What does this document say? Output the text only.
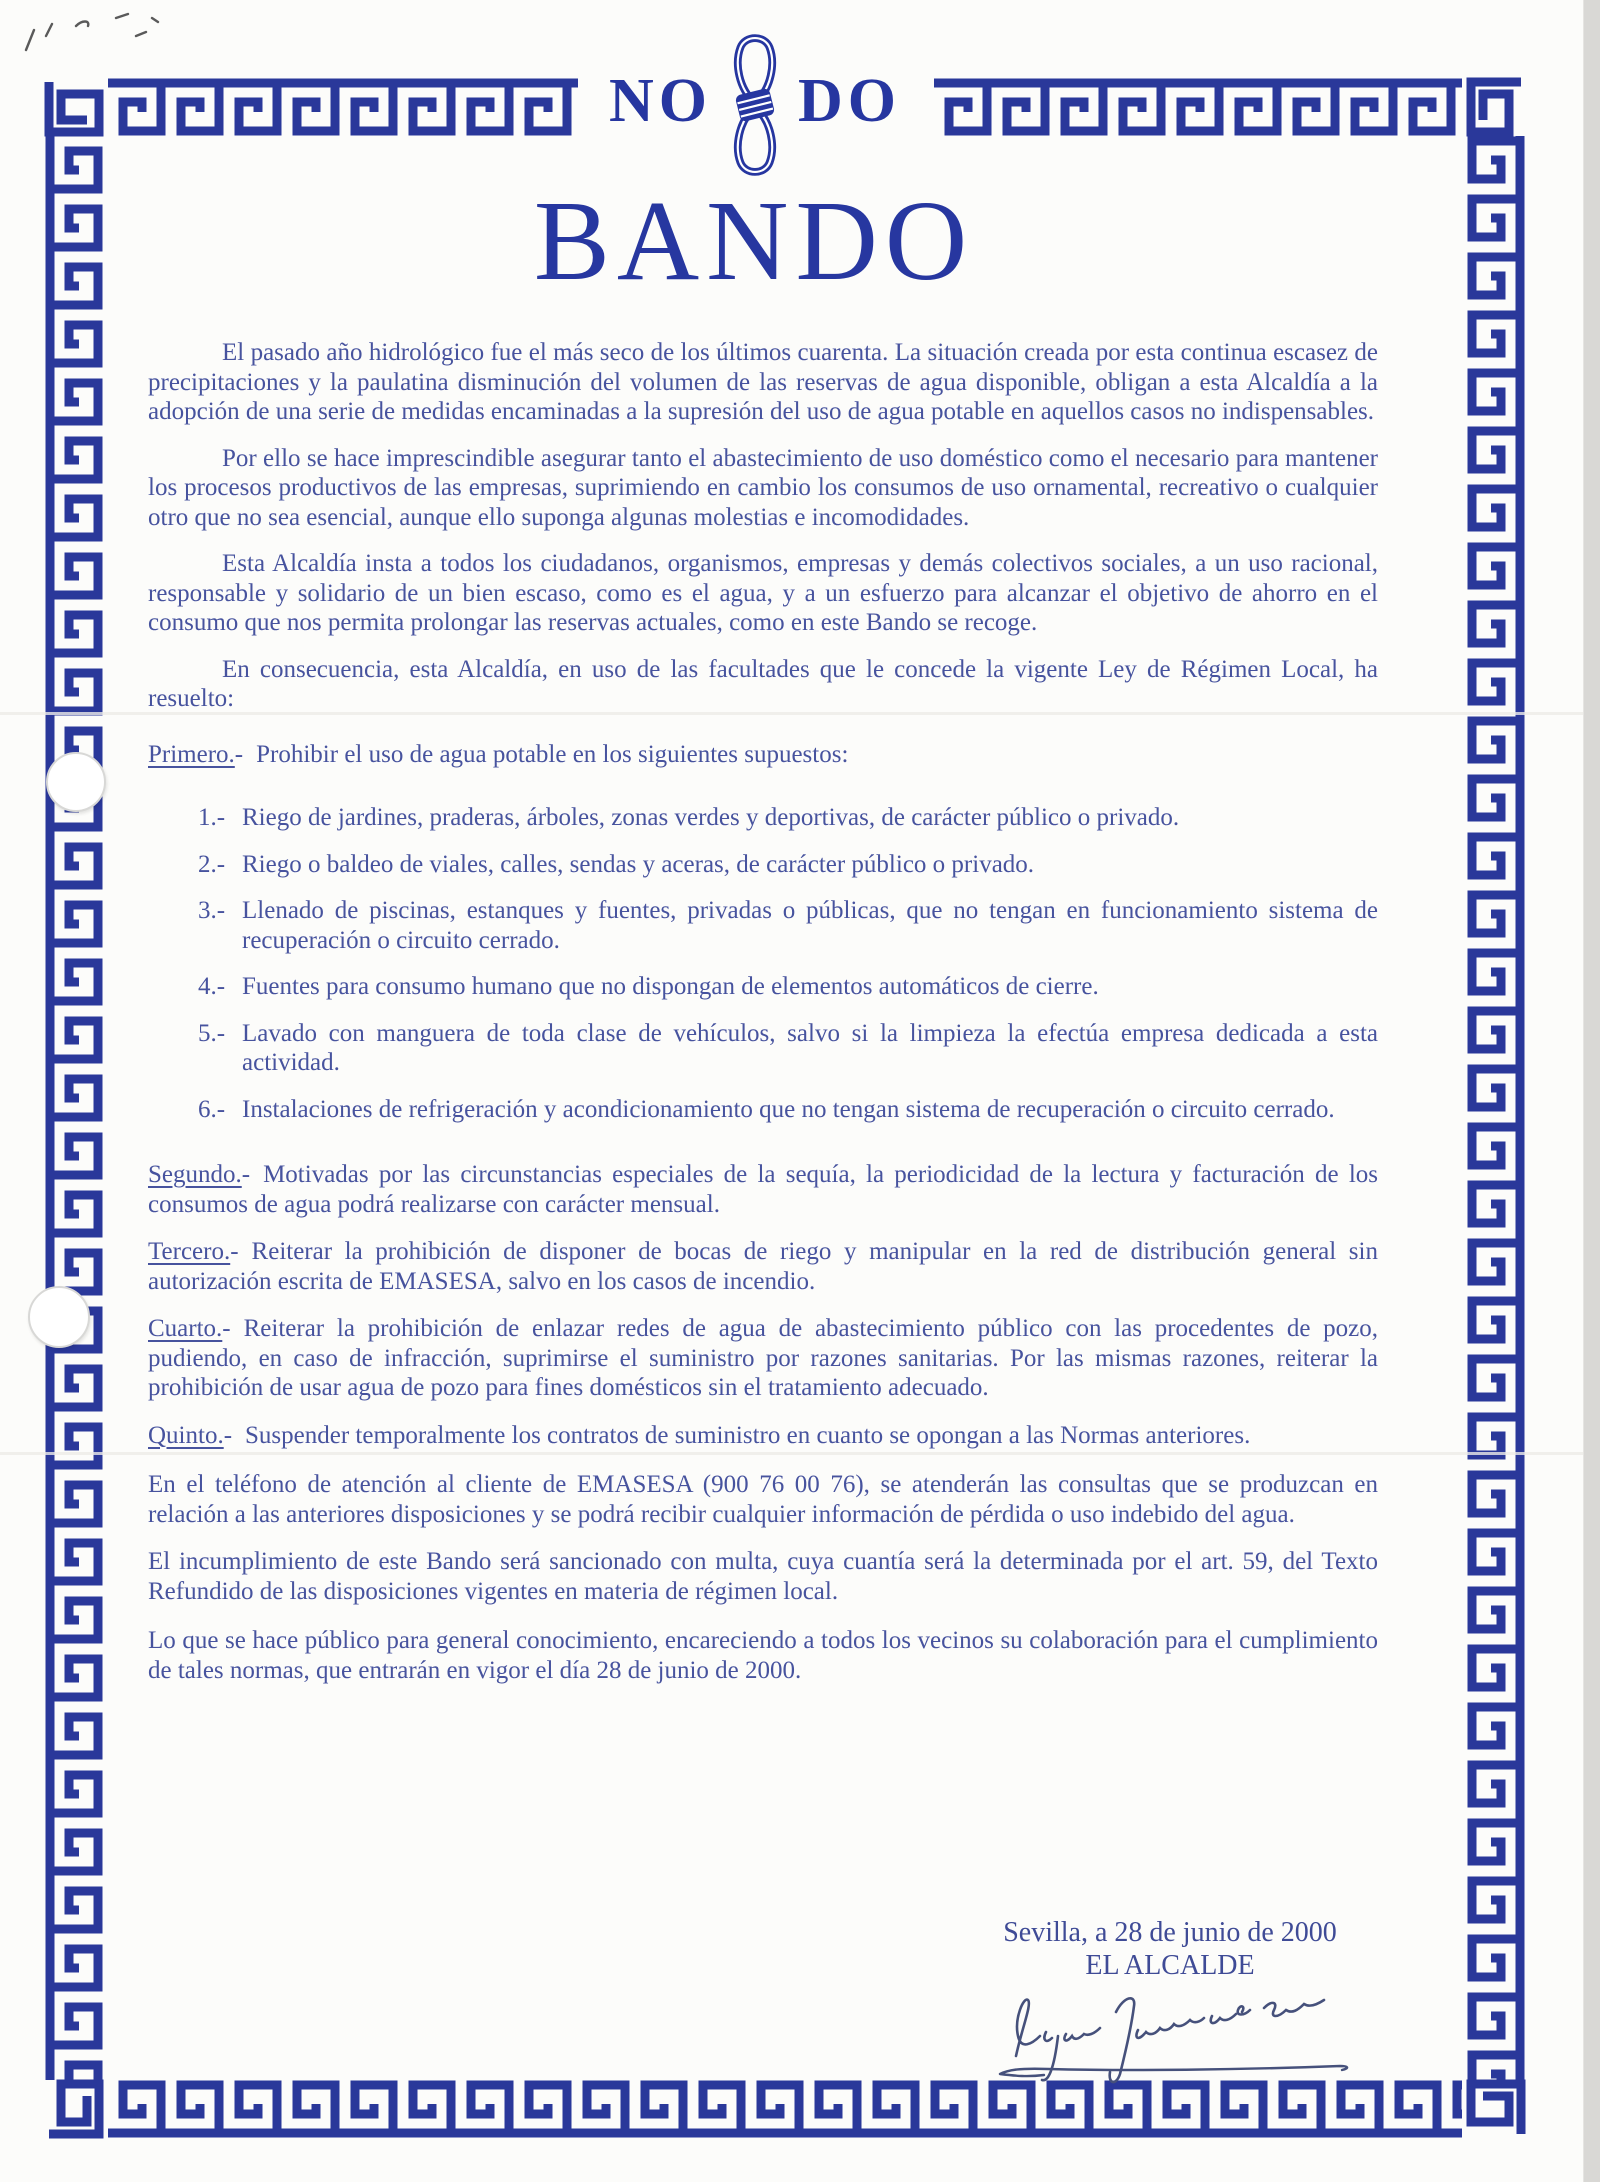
NO DO
BANDO

El pasado año hidrológico fue el más seco de los últimos cuarenta. La situación creada por esta continua escasez de precipitaciones y la paulatina disminución del volumen de las reservas de agua disponible, obligan a esta Alcaldía a la adopción de una serie de medidas encaminadas a la supresión del uso de agua potable en aquellos casos no indispensables.

Por ello se hace imprescindible asegurar tanto el abastecimiento de uso doméstico como el necesario para mantener los procesos productivos de las empresas, suprimiendo en cambio los consumos de uso ornamental, recreativo o cualquier otro que no sea esencial, aunque ello suponga algunas molestias e incomodidades.

Esta Alcaldía insta a todos los ciudadanos, organismos, empresas y demás colectivos sociales, a un uso racional, responsable y solidario de un bien escaso, como es el agua, y a un esfuerzo para alcanzar el objetivo de ahorro en el consumo que nos permita prolongar las reservas actuales, como en este Bando se recoge.

En consecuencia, esta Alcaldía, en uso de las facultades que le concede la vigente Ley de Régimen Local, ha resuelto:

Primero.- Prohibir el uso de agua potable en los siguientes supuestos:

1.- Riego de jardines, praderas, árboles, zonas verdes y deportivas, de carácter público o privado.
2.- Riego o baldeo de viales, calles, sendas y aceras, de carácter público o privado.
3.- Llenado de piscinas, estanques y fuentes, privadas o públicas, que no tengan en funcionamiento sistema de recuperación o circuito cerrado.
4.- Fuentes para consumo humano que no dispongan de elementos automáticos de cierre.
5.- Lavado con manguera de toda clase de vehículos, salvo si la limpieza la efectúa empresa dedicada a esta actividad.
6.- Instalaciones de refrigeración y acondicionamiento que no tengan sistema de recuperación o circuito cerrado.

Segundo.- Motivadas por las circunstancias especiales de la sequía, la periodicidad de la lectura y facturación de los consumos de agua podrá realizarse con carácter mensual.

Tercero.- Reiterar la prohibición de disponer de bocas de riego y manipular en la red de distribución general sin autorización escrita de EMASESA, salvo en los casos de incendio.

Cuarto.- Reiterar la prohibición de enlazar redes de agua de abastecimiento público con las procedentes de pozo, pudiendo, en caso de infracción, suprimirse el suministro por razones sanitarias. Por las mismas razones, reiterar la prohibición de usar agua de pozo para fines domésticos sin el tratamiento adecuado.

Quinto.- Suspender temporalmente los contratos de suministro en cuanto se opongan a las Normas anteriores.

En el teléfono de atención al cliente de EMASESA (900 76 00 76), se atenderán las consultas que se produzcan en relación a las anteriores disposiciones y se podrá recibir cualquier información de pérdida o uso indebido del agua.

El incumplimiento de este Bando será sancionado con multa, cuya cuantía será la determinada por el art. 59, del Texto Refundido de las disposiciones vigentes en materia de régimen local.

Lo que se hace público para general conocimiento, encareciendo a todos los vecinos su colaboración para el cumplimiento de tales normas, que entrarán en vigor el día 28 de junio de 2000.

Sevilla, a 28 de junio de 2000
EL ALCALDE
